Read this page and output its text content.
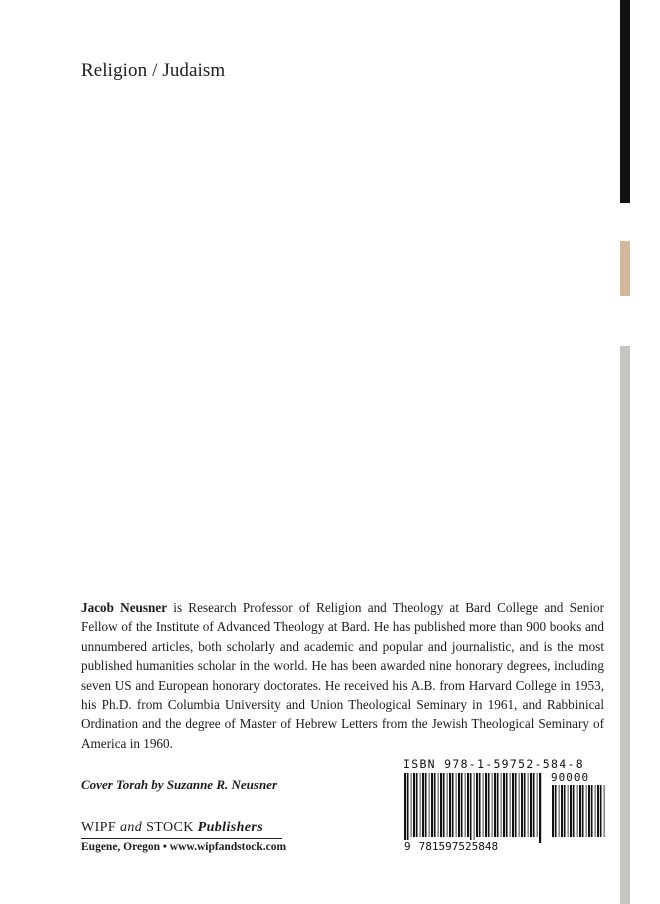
Religion / Judaism
Jacob Neusner is Research Professor of Religion and Theology at Bard College and Senior Fellow of the Institute of Advanced Theology at Bard. He has published more than 900 books and unnumbered articles, both scholarly and academic and popular and journalistic, and is the most published humanities scholar in the world. He has been awarded nine honorary degrees, including seven US and European honorary doctorates. He received his A.B. from Harvard College in 1953, his Ph.D. from Columbia University and Union Theological Seminary in 1961, and Rabbinical Ordination and the degree of Master of Hebrew Letters from the Jewish Theological Seminary of America in 1960.
Cover Torah by Suzanne R. Neusner
WIPF and STOCK Publishers
Eugene, Oregon • www.wipfandstock.com
ISBN 978-1-59752-584-8
90000
9 781597525848
